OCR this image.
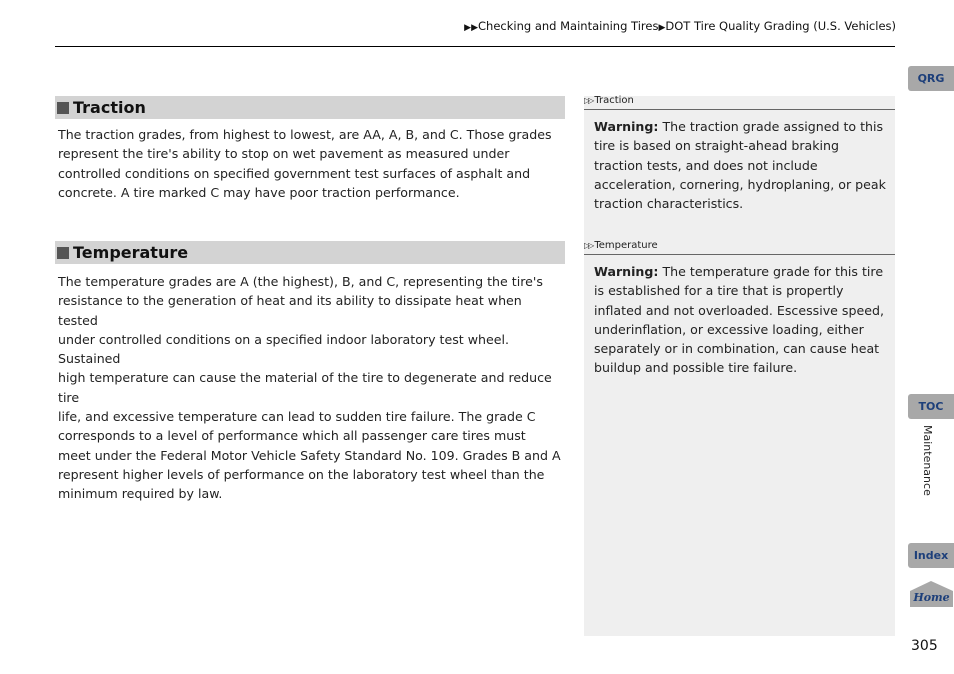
▶▶Checking and Maintaining Tires▶DOT Tire Quality Grading (U.S. Vehicles)
Traction
The traction grades, from highest to lowest, are AA, A, B, and C. Those grades
represent the tire's ability to stop on wet pavement as measured under
controlled conditions on specified government test surfaces of asphalt and
concrete. A tire marked C may have poor traction performance.
Temperature
The temperature grades are A (the highest), B, and C, representing the tire's
resistance to the generation of heat and its ability to dissipate heat when tested
under controlled conditions on a specified indoor laboratory test wheel. Sustained
high temperature can cause the material of the tire to degenerate and reduce tire
life, and excessive temperature can lead to sudden tire failure. The grade C
corresponds to a level of performance which all passenger care tires must
meet under the Federal Motor Vehicle Safety Standard No. 109. Grades B and A
represent higher levels of performance on the laboratory test wheel than the
minimum required by law.
▷▷ Traction
Warning: The traction grade assigned to this tire is based on straight-ahead braking traction tests, and does not include acceleration, cornering, hydroplaning, or peak traction characteristics.
▷▷ Temperature
Warning: The temperature grade for this tire is established for a tire that is propertly inflated and not overloaded. Escessive speed, underinflation, or excessive loading, either separately or in combination, can cause heat buildup and possible tire failure.
QRG
TOC
Maintenance
Index
Home
305
